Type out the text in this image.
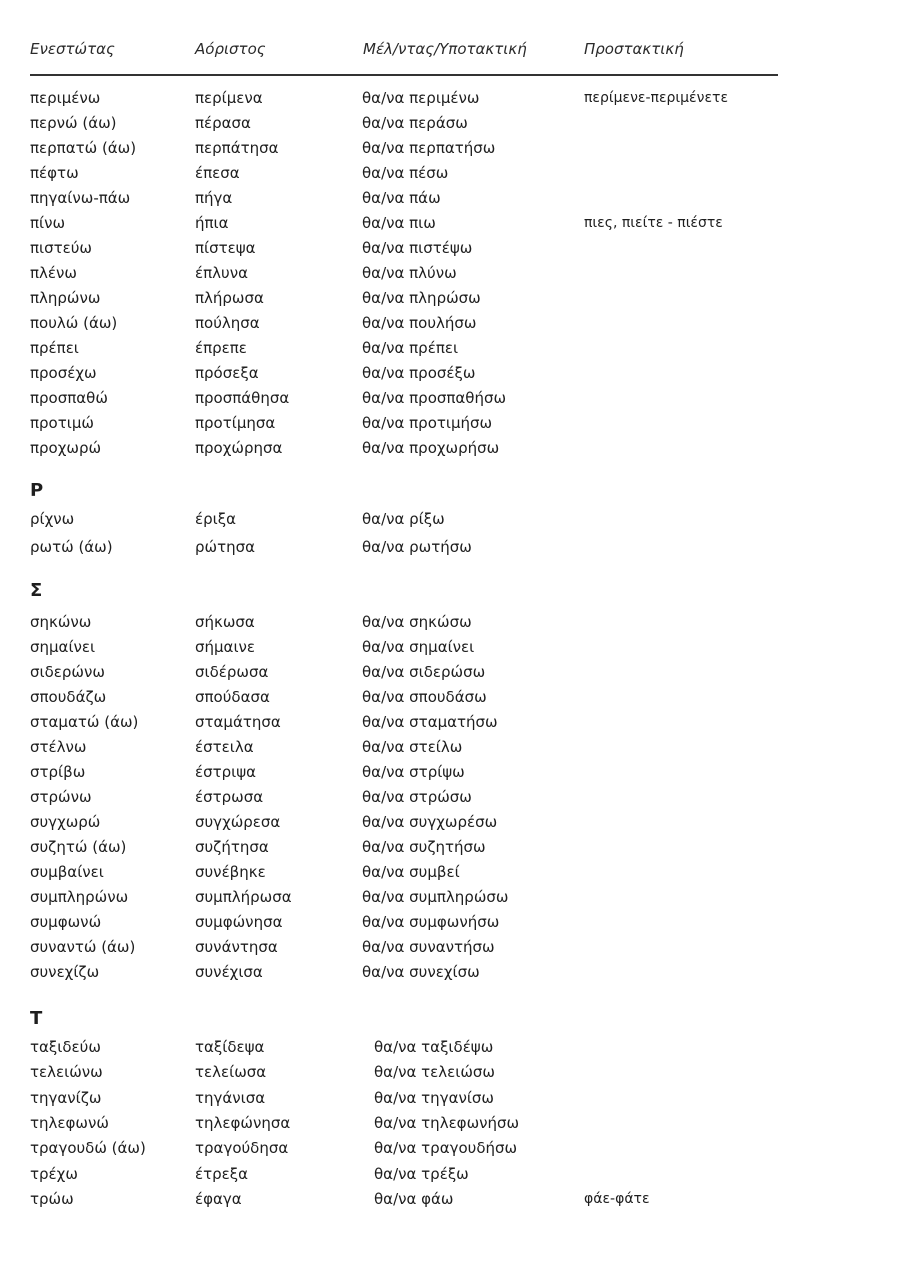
Ενεστώτας	Αόριστος	Μέλ/ντας/Υποτακτική	Προστακτική
περιμένω	περίμενα	θα/να περιμένω	περίμενε-περιμένετε
περνώ (άω)	πέρασα	θα/να περάσω
περπατώ (άω)	περπάτησα	θα/να περπατήσω
πέφτω	έπεσα	θα/να πέσω
πηγαίνω-πάω	πήγα	θα/να πάω
πίνω	ήπια	θα/να πιω	πιες, πιείτε - πιέστε
πιστεύω	πίστεψα	θα/να πιστέψω
πλένω	έπλυνα	θα/να πλύνω
πληρώνω	πλήρωσα	θα/να πληρώσω
πουλώ (άω)	πούλησα	θα/να πουλήσω
πρέπει	έπρεπε	θα/να πρέπει
προσέχω	πρόσεξα	θα/να προσέξω
προσπαθώ	προσπάθησα	θα/να προσπαθήσω
προτιμώ	προτίμησα	θα/να προτιμήσω
προχωρώ	προχώρησα	θα/να προχωρήσω
Ρ
ρίχνω	έριξα	θα/να ρίξω
ρωτώ (άω)	ρώτησα	θα/να ρωτήσω
Σ
σηκώνω	σήκωσα	θα/να σηκώσω
σημαίνει	σήμαινε	θα/να σημαίνει
σιδερώνω	σιδέρωσα	θα/να σιδερώσω
σπουδάζω	σπούδασα	θα/να σπουδάσω
σταματώ (άω)	σταμάτησα	θα/να σταματήσω
στέλνω	έστειλα	θα/να στείλω
στρίβω	έστριψα	θα/να στρίψω
στρώνω	έστρωσα	θα/να στρώσω
συγχωρώ	συγχώρεσα	θα/να συγχωρέσω
συζητώ (άω)	συζήτησα	θα/να συζητήσω
συμβαίνει	συνέβηκε	θα/να συμβεί
συμπληρώνω	συμπλήρωσα	θα/να συμπληρώσω
συμφωνώ	συμφώνησα	θα/να συμφωνήσω
συναντώ (άω)	συνάντησα	θα/να συναντήσω
συνεχίζω	συνέχισα	θα/να συνεχίσω
Τ
ταξιδεύω	ταξίδεψα	θα/να ταξιδέψω
τελειώνω	τελείωσα	θα/να τελειώσω
τηγανίζω	τηγάνισα	θα/να τηγανίσω
τηλεφωνώ	τηλεφώνησα	θα/να τηλεφωνήσω
τραγουδώ (άω)	τραγούδησα	θα/να τραγουδήσω
τρέχω	έτρεξα	θα/να τρέξω
τρώω	έφαγα	θα/να φάω	φάε-φάτε
